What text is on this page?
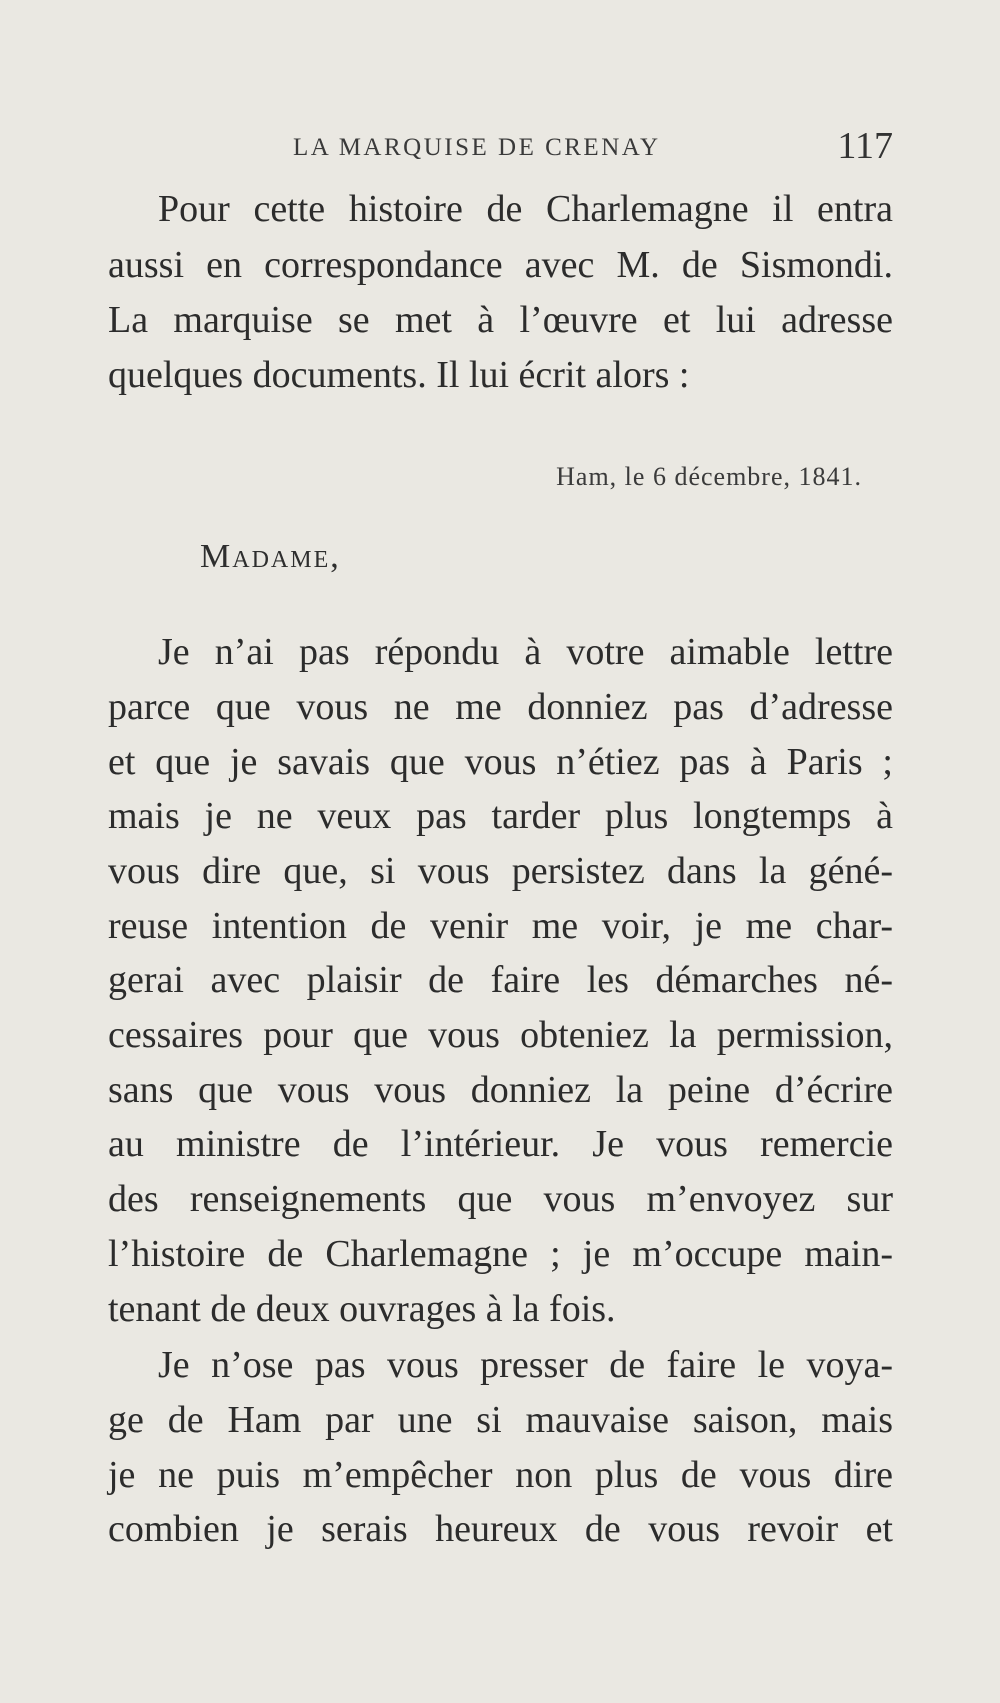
LA MARQUISE DE CRENAY	117
Pour cette histoire de Charlemagne il entra
aussi en correspondance avec M. de Sismondi.
La marquise se met à l’œuvre et lui adresse
quelques documents. Il lui écrit alors :
Ham, le 6 décembre, 1841.
Madame,
Je n’ai pas répondu à votre aimable lettre
parce que vous ne me donniez pas d’adresse
et que je savais que vous n’étiez pas à Paris ;
mais je ne veux pas tarder plus longtemps à
vous dire que, si vous persistez dans la géné-
reuse intention de venir me voir, je me char-
gerai avec plaisir de faire les démarches né-
cessaires pour que vous obteniez la permission,
sans que vous vous donniez la peine d’écrire
au ministre de l’intérieur. Je vous remercie
des renseignements que vous m’envoyez sur
l’histoire de Charlemagne ; je m’occupe main-
tenant de deux ouvrages à la fois.
Je n’ose pas vous presser de faire le voya-
ge de Ham par une si mauvaise saison, mais
je ne puis m’empêcher non plus de vous dire
combien je serais heureux de vous revoir et
